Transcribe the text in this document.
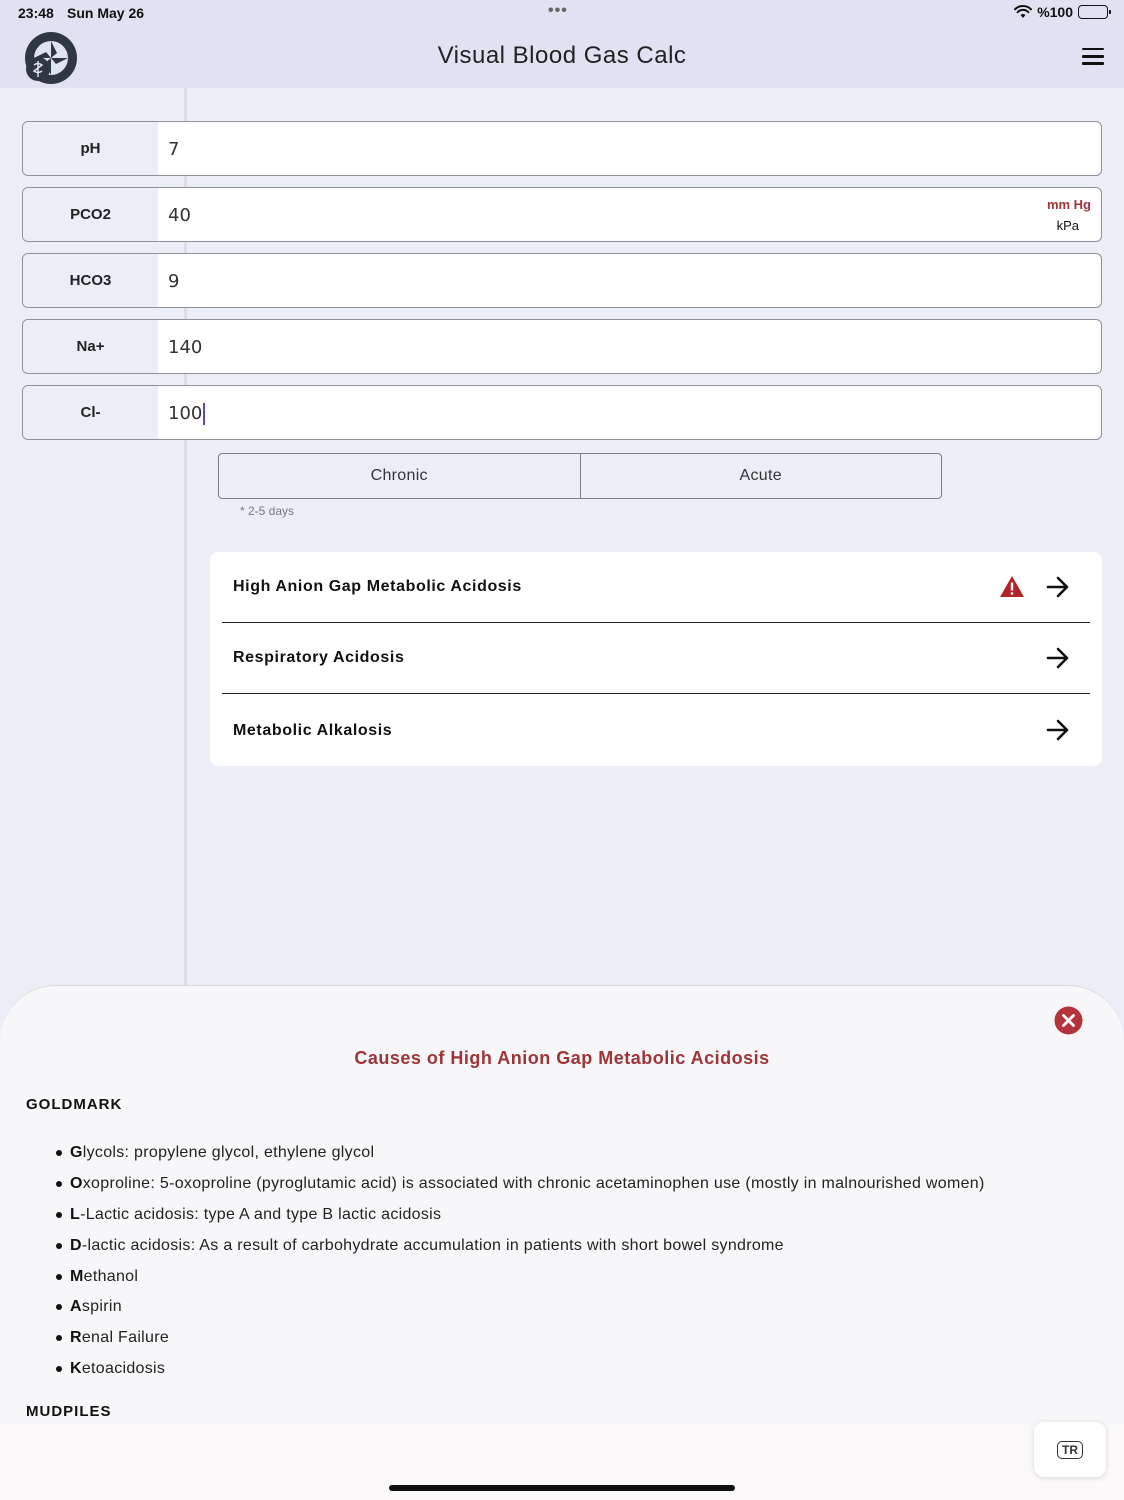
23:48 Sun May 26	•••	%100
Visual Blood Gas Calc
pH	7
PCO2	40
mm Hg
kPa
HCO3	9
Na+	140
Cl-	100
Chronic	Acute
* 2-5 days
High Anion Gap Metabolic Acidosis
Respiratory Acidosis
Metabolic Alkalosis
Causes of High Anion Gap Metabolic Acidosis
GOLDMARK
G lycols: propylene glycol, ethylene glycol
O xoproline: 5-oxoproline (pyroglutamic acid) is associated with chronic acetaminophen use (mostly in malnourished women)
L -Lactic acidosis: type A and type B lactic acidosis
D -lactic acidosis: As a result of carbohydrate accumulation in patients with short bowel syndrome
M ethanol
A spirin
R enal Failure
K etoacidosis
MUDPILES
TR
